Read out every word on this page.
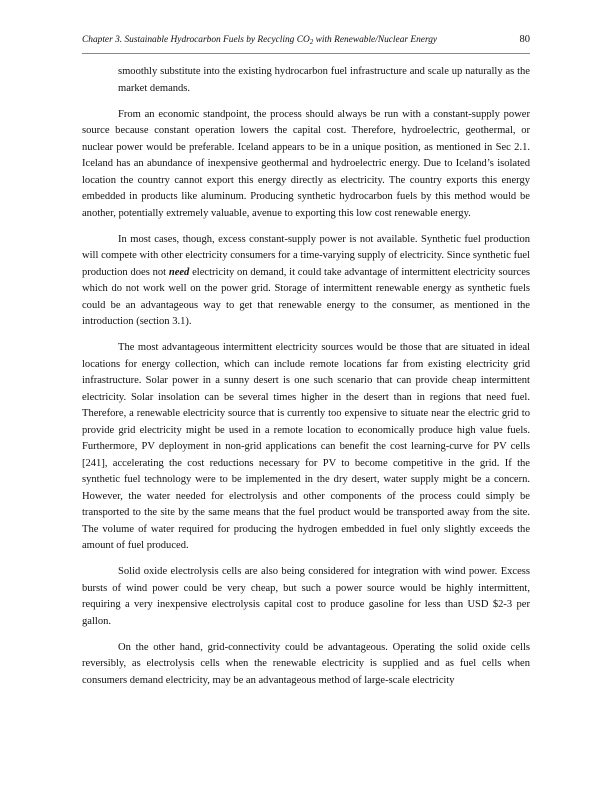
Chapter 3. Sustainable Hydrocarbon Fuels by Recycling $CO_2$ with Renewable/Nuclear Energy	80

smoothly substitute into the existing hydrocarbon fuel infrastructure and scale up naturally as the market demands.

From an economic standpoint, the process should always be run with a constant-supply power source because constant operation lowers the capital cost. Therefore, hydroelectric, geothermal, or nuclear power would be preferable. Iceland appears to be in a unique position, as mentioned in Sec 2.1. Iceland has an abundance of inexpensive geothermal and hydroelectric energy. Due to Iceland’s isolated location the country cannot export this energy directly as electricity. The country exports this energy embedded in products like aluminum. Producing synthetic hydrocarbon fuels by this method would be another, potentially extremely valuable, avenue to exporting this low cost renewable energy.

In most cases, though, excess constant-supply power is not available. Synthetic fuel production will compete with other electricity consumers for a time-varying supply of electricity. Since synthetic fuel production does not need electricity on demand, it could take advantage of intermittent electricity sources which do not work well on the power grid. Storage of intermittent renewable energy as synthetic fuels could be an advantageous way to get that renewable energy to the consumer, as mentioned in the introduction (section 3.1).

The most advantageous intermittent electricity sources would be those that are situated in ideal locations for energy collection, which can include remote locations far from existing electricity grid infrastructure. Solar power in a sunny desert is one such scenario that can provide cheap intermittent electricity. Solar insolation can be several times higher in the desert than in regions that need fuel. Therefore, a renewable electricity source that is currently too expensive to situate near the electric grid to provide grid electricity might be used in a remote location to economically produce high value fuels. Furthermore, PV deployment in non-grid applications can benefit the cost learning-curve for PV cells [241], accelerating the cost reductions necessary for PV to become competitive in the grid. If the synthetic fuel technology were to be implemented in the dry desert, water supply might be a concern. However, the water needed for electrolysis and other components of the process could simply be transported to the site by the same means that the fuel product would be transported away from the site. The volume of water required for producing the hydrogen embedded in fuel only slightly exceeds the amount of fuel produced.

Solid oxide electrolysis cells are also being considered for integration with wind power. Excess bursts of wind power could be very cheap, but such a power source would be highly intermittent, requiring a very inexpensive electrolysis capital cost to produce gasoline for less than USD $2-3 per gallon.

On the other hand, grid-connectivity could be advantageous. Operating the solid oxide cells reversibly, as electrolysis cells when the renewable electricity is supplied and as fuel cells when consumers demand electricity, may be an advantageous method of large-scale electricity
